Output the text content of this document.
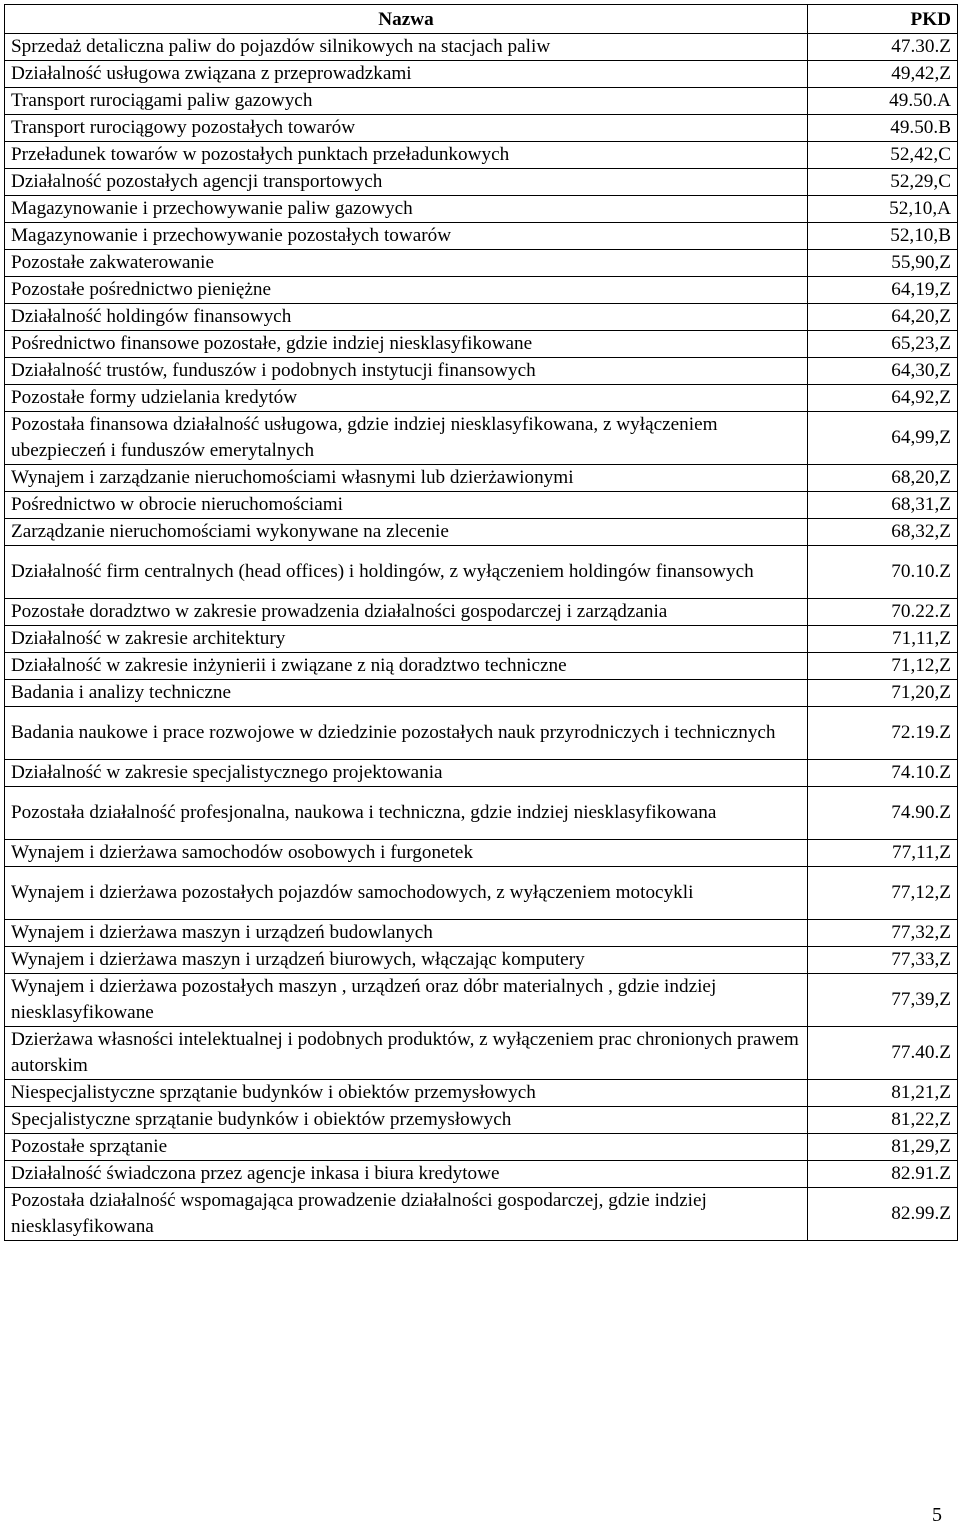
Nazwa	PKD
Sprzedaż detaliczna paliw do pojazdów silnikowych na stacjach paliw	47.30.Z
Działalność usługowa związana z przeprowadzkami	49,42,Z
Transport rurociągami paliw gazowych	49.50.A
Transport rurociągowy pozostałych towarów	49.50.B
Przeładunek towarów w pozostałych punktach przeładunkowych	52,42,C
Działalność pozostałych agencji transportowych	52,29,C
Magazynowanie i przechowywanie paliw gazowych	52,10,A
Magazynowanie i przechowywanie pozostałych towarów	52,10,B
Pozostałe zakwaterowanie	55,90,Z
Pozostałe pośrednictwo pieniężne	64,19,Z
Działalność holdingów finansowych	64,20,Z
Pośrednictwo finansowe pozostałe, gdzie indziej niesklasyfikowane	65,23,Z
Działalność trustów, funduszów i podobnych instytucji finansowych	64,30,Z
Pozostałe formy udzielania kredytów	64,92,Z
Pozostała finansowa działalność usługowa, gdzie indziej niesklasyfikowana, z wyłączeniem ubezpieczeń i funduszów emerytalnych	64,99,Z
Wynajem i zarządzanie nieruchomościami własnymi lub dzierżawionymi	68,20,Z
Pośrednictwo w obrocie nieruchomościami	68,31,Z
Zarządzanie nieruchomościami wykonywane na zlecenie	68,32,Z
Działalność firm centralnych (head offices) i holdingów, z wyłączeniem holdingów finansowych	70.10.Z
Pozostałe doradztwo w zakresie prowadzenia działalności gospodarczej i zarządzania	70.22.Z
Działalność w zakresie architektury	71,11,Z
Działalność w zakresie inżynierii i związane z nią doradztwo techniczne	71,12,Z
Badania i analizy techniczne	71,20,Z
Badania naukowe i prace rozwojowe w dziedzinie pozostałych nauk przyrodniczych i technicznych	72.19.Z
Działalność w zakresie specjalistycznego projektowania	74.10.Z
Pozostała działalność profesjonalna, naukowa i techniczna, gdzie indziej niesklasyfikowana	74.90.Z
Wynajem i dzierżawa samochodów osobowych i furgonetek	77,11,Z
Wynajem i dzierżawa pozostałych pojazdów samochodowych, z wyłączeniem motocykli	77,12,Z
Wynajem i dzierżawa maszyn i urządzeń budowlanych	77,32,Z
Wynajem i dzierżawa maszyn i urządzeń biurowych, włączając komputery	77,33,Z
Wynajem i dzierżawa pozostałych maszyn , urządzeń oraz dóbr materialnych , gdzie indziej niesklasyfikowane	77,39,Z
Dzierżawa własności intelektualnej i podobnych produktów, z wyłączeniem prac chronionych prawem autorskim	77.40.Z
Niespecjalistyczne sprzątanie budynków i obiektów przemysłowych	81,21,Z
Specjalistyczne sprzątanie budynków i obiektów przemysłowych	81,22,Z
Pozostałe sprzątanie	81,29,Z
Działalność świadczona przez agencje inkasa i biura kredytowe	82.91.Z
Pozostała działalność wspomagająca prowadzenie działalności gospodarczej, gdzie indziej niesklasyfikowana	82.99.Z
5
